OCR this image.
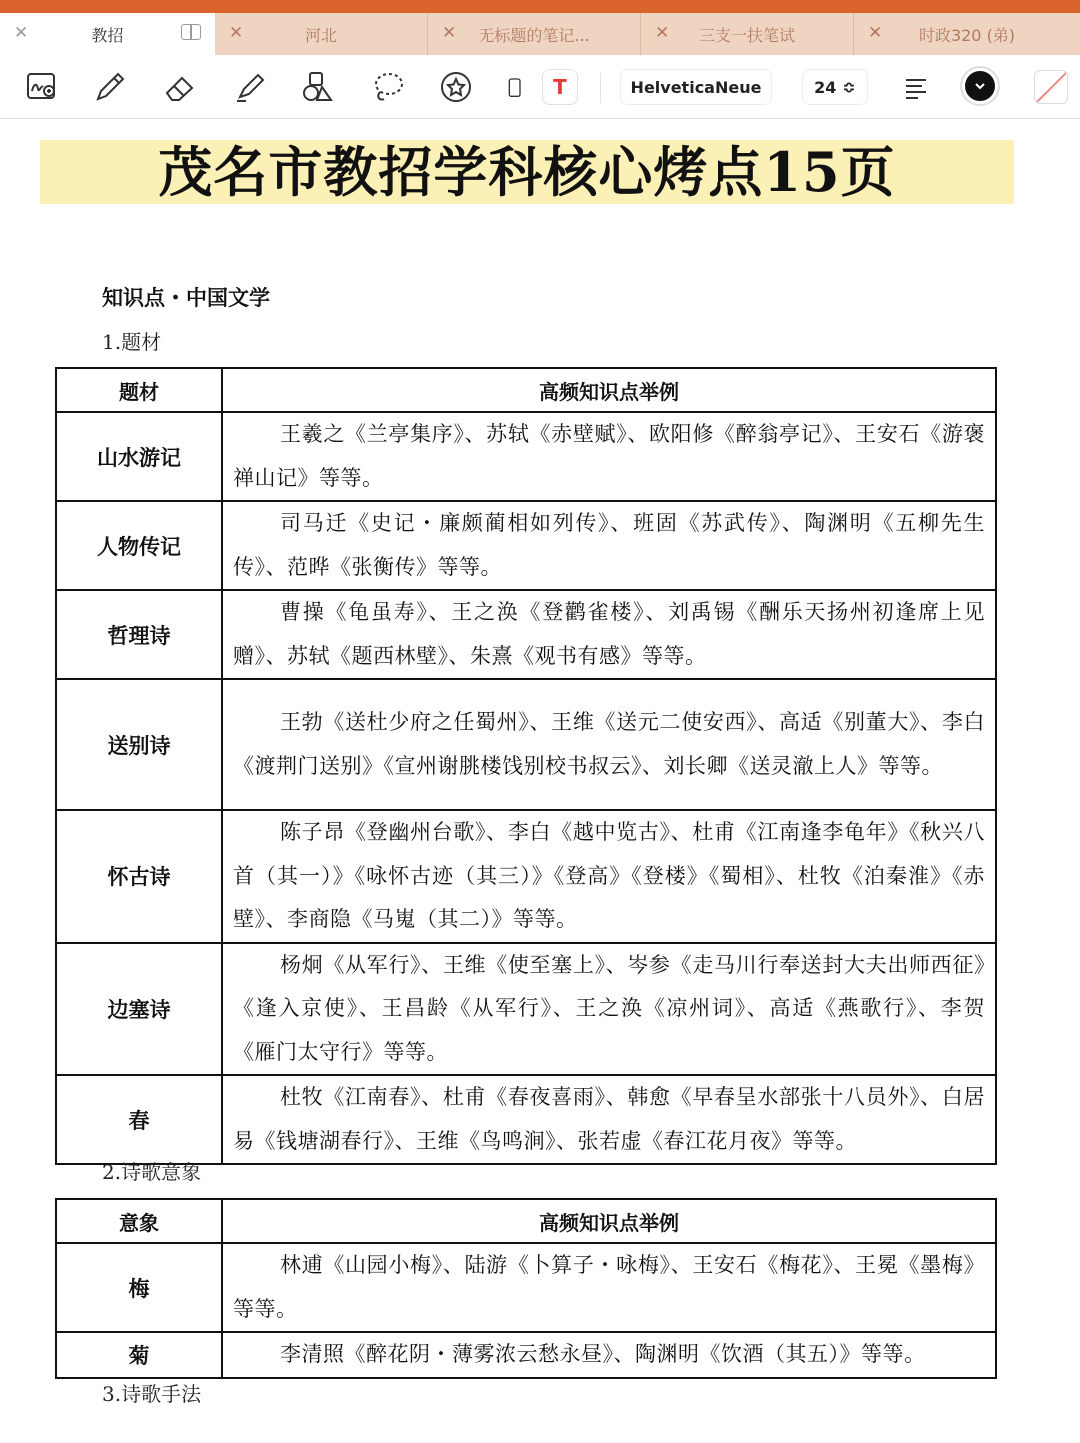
✕	教招	✕	河北	✕ 无标题的笔记...	✕ 三支一扶笔试	✕ 时政320 (弟)
T	HelveticaNeue	24 ≎
茂名市教招学科核心烤点15页
知识点・中国文学
1.题材
题材	高频知识点举例
山水游记	王羲之《兰亭集序》、苏轼《赤壁赋》、欧阳修《醉翁亭记》、王安石《游褒禅山记》等等。
人物传记	司马迁《史记・廉颇蔺相如列传》、班固《苏武传》、陶渊明《五柳先生传》、范晔《张衡传》等等。
哲理诗	曹操《龟虽寿》、王之涣《登鹳雀楼》、刘禹锡《酬乐天扬州初逢席上见赠》、苏轼《题西林壁》、朱熹《观书有感》等等。
送别诗	王勃《送杜少府之任蜀州》、王维《送元二使安西》、高适《别董大》、李白《渡荆门送别》《宣州谢朓楼饯别校书叔云》、刘长卿《送灵澈上人》等等。
怀古诗	陈子昂《登幽州台歌》、李白《越中览古》、杜甫《江南逢李龟年》《秋兴八首（其一）》《咏怀古迹（其三）》《登高》《登楼》《蜀相》、杜牧《泊秦淮》《赤壁》、李商隐《马嵬（其二）》等等。
边塞诗	杨炯《从军行》、王维《使至塞上》、岑参《走马川行奉送封大夫出师西征》《逢入京使》、王昌龄《从军行》、王之涣《凉州词》、高适《燕歌行》、李贺《雁门太守行》等等。
春	杜牧《江南春》、杜甫《春夜喜雨》、韩愈《早春呈水部张十八员外》、白居易《钱塘湖春行》、王维《鸟鸣涧》、张若虚《春江花月夜》等等。
2.诗歌意象
意象	高频知识点举例
梅	林逋《山园小梅》、陆游《卜算子・咏梅》、王安石《梅花》、王冕《墨梅》等等。
菊	李清照《醉花阴・薄雾浓云愁永昼》、陶渊明《饮酒（其五）》等等。
3.诗歌手法
